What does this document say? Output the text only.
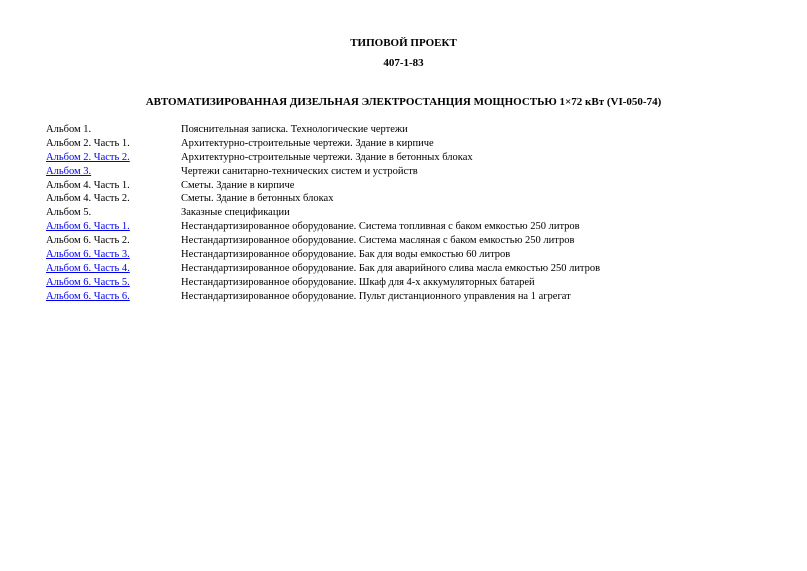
ТИПОВОЙ ПРОЕКТ
407-1-83
АВТОМАТИЗИРОВАННАЯ ДИЗЕЛЬНАЯ ЭЛЕКТРОСТАНЦИЯ МОЩНОСТЬЮ 1×72 кВт (VI-050-74)
Альбом 1.	Пояснительная записка. Технологические чертежи
Альбом 2. Часть 1.	Архитектурно-строительные чертежи. Здание в кирпиче
Альбом 2. Часть 2.	Архитектурно-строительные чертежи. Здание в бетонных блоках
Альбом 3.	Чертежи санитарно-технических систем и устройств
Альбом 4. Часть 1.	Сметы. Здание в кирпиче
Альбом 4. Часть 2.	Сметы. Здание в бетонных блоках
Альбом 5.	Заказные спецификации
Альбом 6. Часть 1.	Нестандартизированное оборудование. Система топливная с баком емкостью 250 литров
Альбом 6. Часть 2.	Нестандартизированное оборудование. Система масляная с баком емкостью 250 литров
Альбом 6. Часть 3.	Нестандартизированное оборудование. Бак для воды емкостью 60 литров
Альбом 6. Часть 4.	Нестандартизированное оборудование. Бак для аварийного слива масла емкостью 250 литров
Альбом 6. Часть 5.	Нестандартизированное оборудование. Шкаф для 4-х аккумуляторных батарей
Альбом 6. Часть 6.	Нестандартизированное оборудование. Пульт дистанционного управления на 1 агрегат
